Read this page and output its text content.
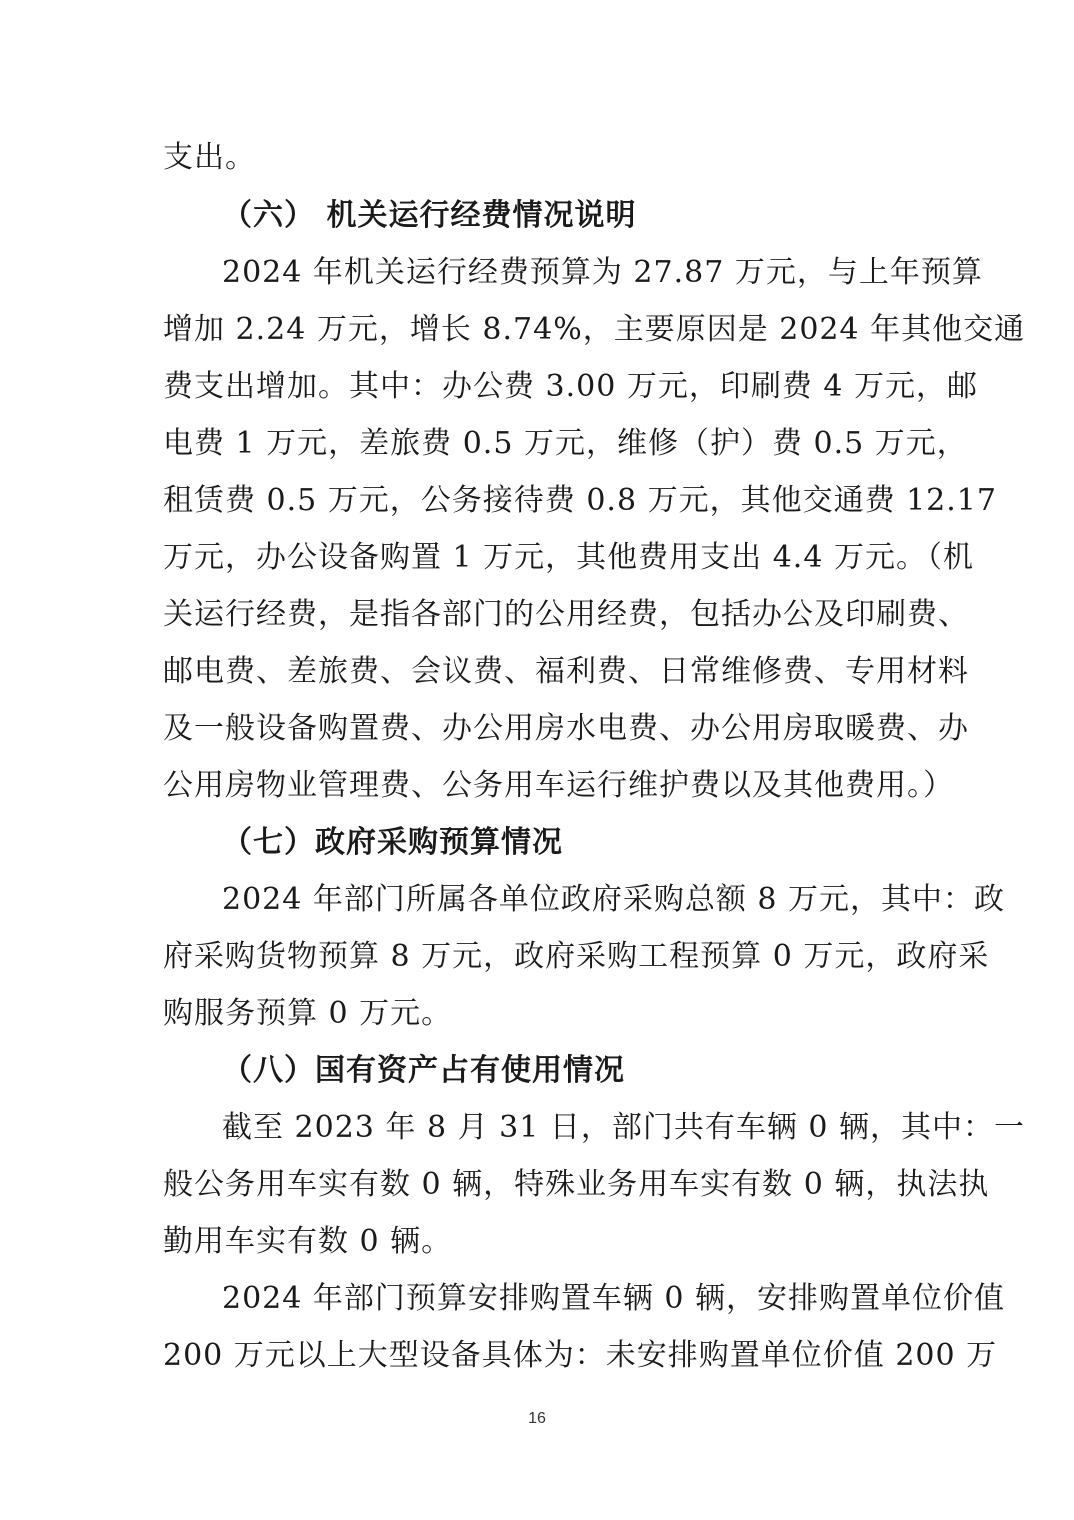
支出。
（六） 机关运行经费情况说明
2024 年机关运行经费预算为 27.87 万元，与上年预算
增加 2.24 万元，增长 8.74%，主要原因是 2024 年其他交通
费支出增加。其中：办公费 3.00 万元，印刷费 4 万元，邮
电费 1 万元，差旅费 0.5 万元，维修（护）费 0.5 万元，
租赁费 0.5 万元，公务接待费 0.8 万元，其他交通费 12.17
万元，办公设备购置 1 万元，其他费用支出 4.4 万元。（机
关运行经费，是指各部门的公用经费，包括办公及印刷费、
邮电费、差旅费、会议费、福利费、日常维修费、专用材料
及一般设备购置费、办公用房水电费、办公用房取暖费、办
公用房物业管理费、公务用车运行维护费以及其他费用。）
（七）政府采购预算情况
2024 年部门所属各单位政府采购总额 8 万元，其中：政
府采购货物预算 8 万元，政府采购工程预算 0 万元，政府采
购服务预算 0 万元。
（八）国有资产占有使用情况
截至 2023 年 8 月 31 日，部门共有车辆 0 辆，其中：一
般公务用车实有数 0 辆，特殊业务用车实有数 0 辆，执法执
勤用车实有数 0 辆。
2024 年部门预算安排购置车辆 0 辆，安排购置单位价值
200 万元以上大型设备具体为：未安排购置单位价值 200 万
16
